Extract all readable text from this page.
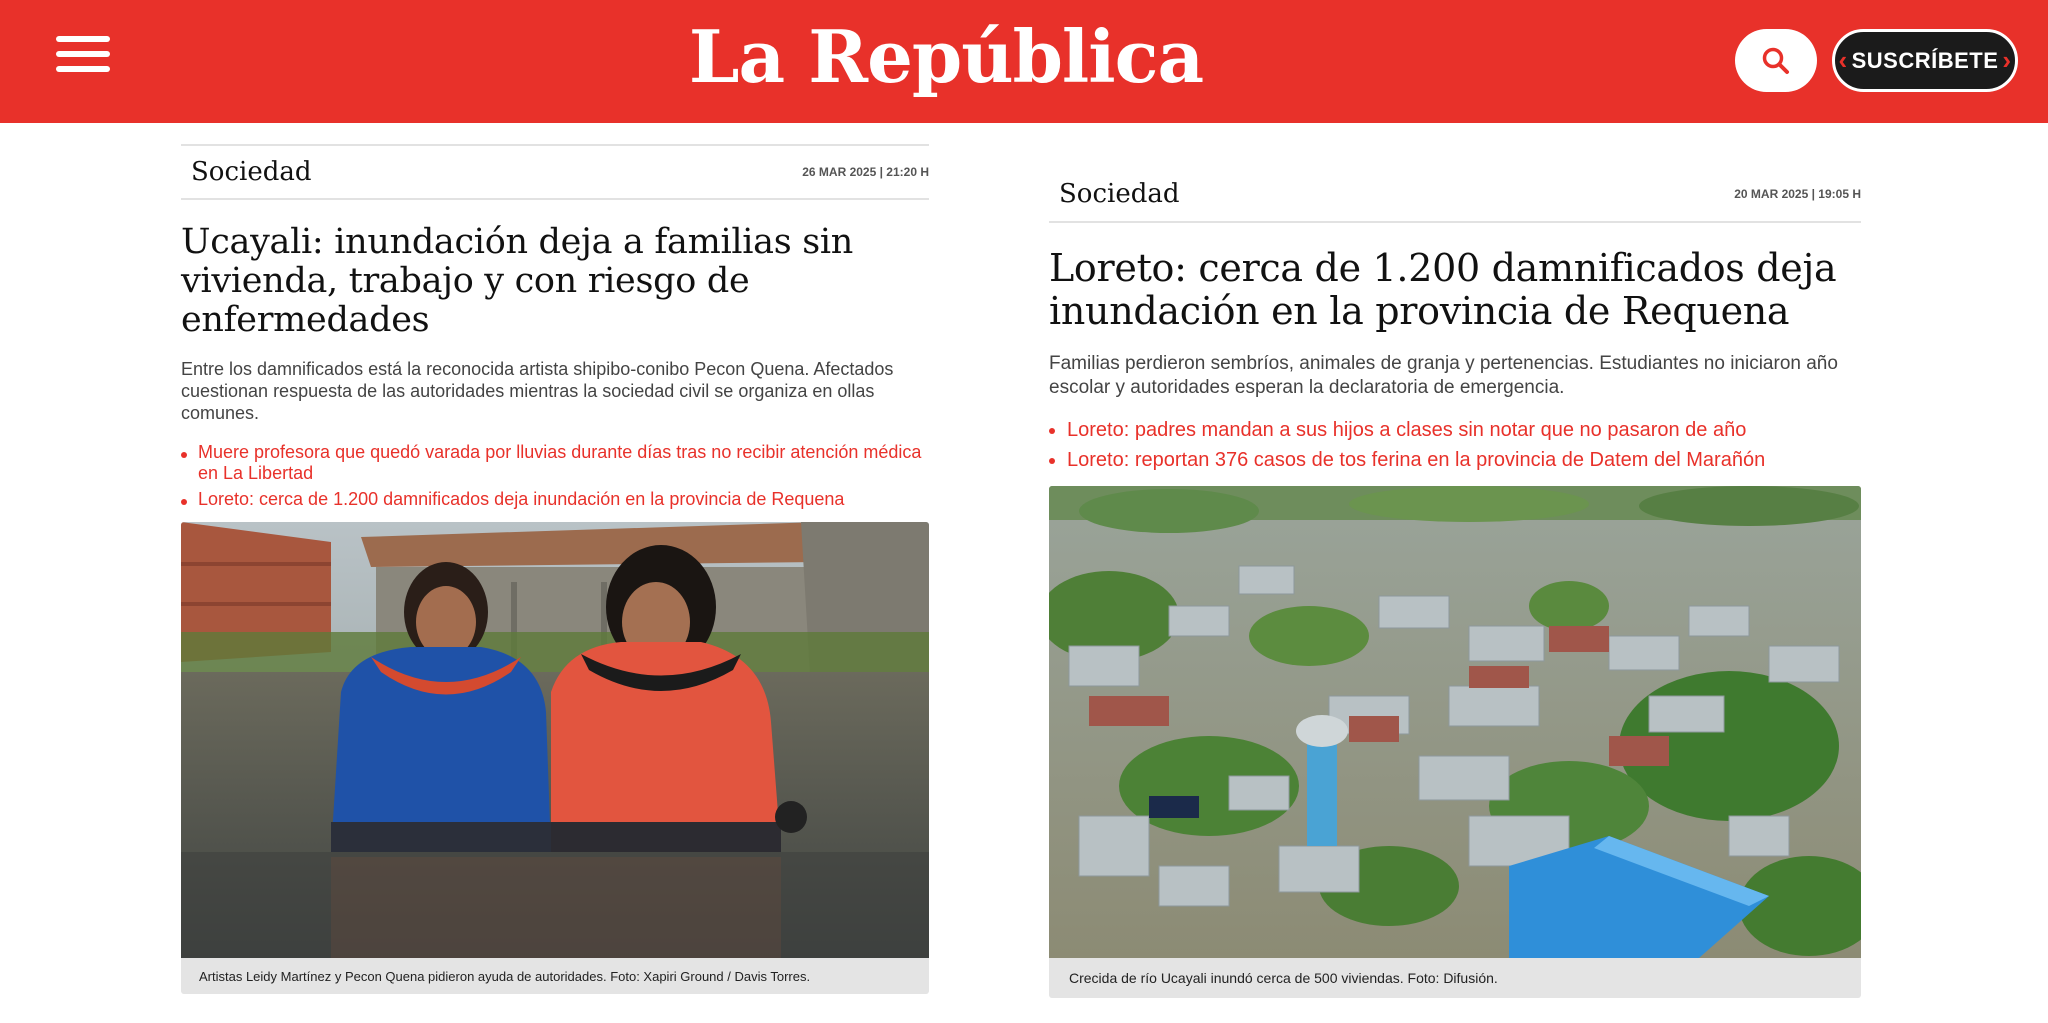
La República	‹ SUSCRÍBETE ›
Sociedad	26 MAR 2025 | 21:20 H
Ucayali: inundación deja a familias sin vivienda, trabajo y con riesgo de enfermedades

Entre los damnificados está la reconocida artista shipibo-conibo Pecon Quena. Afectados cuestionan respuesta de las autoridades mientras la sociedad civil se organiza en ollas comunes.

Muere profesora que quedó varada por lluvias durante días tras no recibir atención médica en La Libertad
Loreto: cerca de 1.200 damnificados deja inundación en la provincia de Requena
Artistas Leidy Martínez y Pecon Quena pidieron ayuda de autoridades. Foto: Xapiri Ground / Davis Torres.
Sociedad	20 MAR 2025 | 19:05 H
Loreto: cerca de 1.200 damnificados deja inundación en la provincia de Requena

Familias perdieron sembríos, animales de granja y pertenencias. Estudiantes no iniciaron año escolar y autoridades esperan la declaratoria de emergencia.

Loreto: padres mandan a sus hijos a clases sin notar que no pasaron de año
Loreto: reportan 376 casos de tos ferina en la provincia de Datem del Marañón
Crecida de río Ucayali inundó cerca de 500 viviendas. Foto: Difusión.
